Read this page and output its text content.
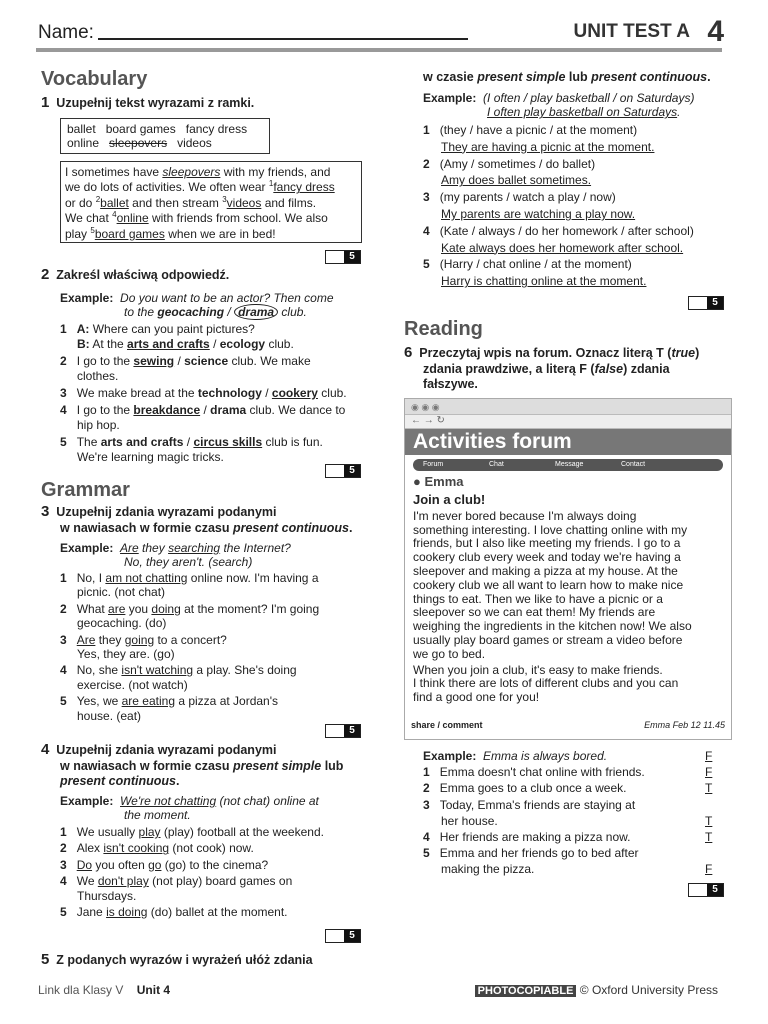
Name:	UNIT TEST A 4
Vocabulary
1 Uzupełnij tekst wyrazami z ramki.
ballet   board games   fancy dress
online sleepovers videos
I sometimes have sleepovers with my friends, and
we do lots of activities. We often wear $^1$fancy dress
or do $^2$ballet and then stream $^3$videos and films.
We chat $^4$online with friends from school. We also
play $^5$board games when we are in bed!
5
2 Zakreśl właściwą odpowiedź.
Example: Do you want to be an actor? Then come
to the geocaching / drama club.
1 A: Where can you paint pictures?
B: At the arts and crafts / ecology club.
2 I go to the sewing / science club. We make
clothes.
3 We make bread at the technology / cookery club.
4 I go to the breakdance / drama club. We dance to
hip hop.
5 The arts and crafts / circus skills club is fun.
We're learning magic tricks.
5
Grammar
3 Uzupełnij zdania wyrazami podanymi
w nawiasach w formie czasu present continuous.
Example: Are they searching the Internet?
No, they aren't. (search)
1 No, I am not chatting online now. I'm having a
picnic. (not chat)
2 What are you doing at the moment? I'm going
geocaching. (do)
3 Are they going to a concert?
Yes, they are. (go)
4 No, she isn't watching a play. She's doing
exercise. (not watch)
5 Yes, we are eating a pizza at Jordan's
house. (eat)
5
4 Uzupełnij zdania wyrazami podanymi
w nawiasach w formie czasu present simple lub
present continuous.
Example: We're not chatting (not chat) online at
the moment.
1 We usually play (play) football at the weekend.
2 Alex isn't cooking (not cook) now.
3 Do you often go (go) to the cinema?
4 We don't play (not play) board games on
Thursdays.
5 Jane is doing (do) ballet at the moment.
5
5 Z podanych wyrazów i wyrażeń ułóż zdania
w czasie present simple lub present continuous.
Example: (I often / play basketball / on Saturdays)
I often play basketball on Saturdays.
1 (they / have a picnic / at the moment)
They are having a picnic at the moment.
2 (Amy / sometimes / do ballet)
Amy does ballet sometimes.
3 (my parents / watch a play / now)
My parents are watching a play now.
4 (Kate / always / do her homework / after school)
Kate always does her homework after school.
5 (Harry / chat online / at the moment)
Harry is chatting online at the moment.
5
Reading
6 Przeczytaj wpis na forum. Oznacz literą T (true)
zdania prawdziwe, a literą F (false) zdania
fałszywe.
◉ ◉ ◉
← → ↻
Activities forum
Forum	Chat	Message	Contact
● Emma
Join a club!
I'm never bored because I'm always doing
something interesting. I love chatting online with my
friends, but I also like meeting my friends. I go to a
cookery club every week and today we're having a
sleepover and making a pizza at my house. At the
cookery club we all want to learn how to make nice
things to eat. Then we like to have a picnic or a
sleepover so we can eat them! My friends are
weighing the ingredients in the kitchen now! We also
usually play board games or stream a video before
we go to bed.
When you join a club, it's easy to make friends.
I think there are lots of different clubs and you can
find a good one for you!
share / comment	Emma Feb 12 11.45
Example: Emma is always bored.	F
1 Emma doesn't chat online with friends.	F
2 Emma goes to a club once a week.	T
3 Today, Emma's friends are staying at
her house.	T
4 Her friends are making a pizza now.	T
5 Emma and her friends go to bed after
making the pizza.	F
5
Link dla Klasy V Unit 4	PHOTOCOPIABLE © Oxford University Press
